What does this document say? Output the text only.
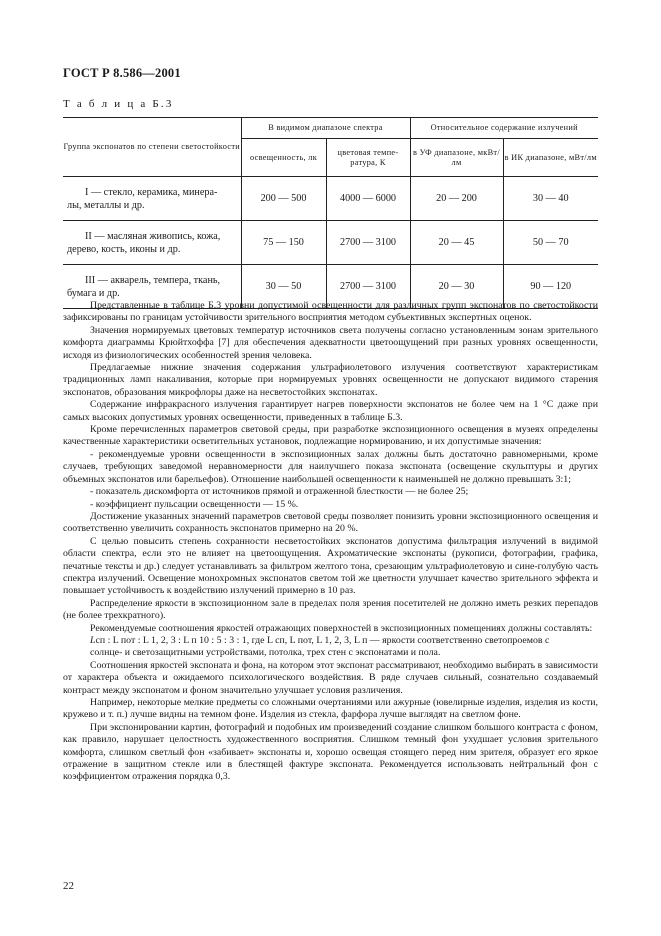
ГОСТ Р 8.586—2001
Т а б л и ц а Б.3
Группа экспонатов по степени светостойкости	В видимом диапазоне спектра		Относительное содержание излучений	
	освещенность, лк	цветовая темпе-ратура, К	в УФ диапазоне, мкВт/лм	в ИК диапазоне, мВт/лм

I — стекло, керамика, минера-
лы, металлы и др.	200 — 500	4000 — 6000	20 — 200	30 — 40

II — масляная живопись, кожа,
дерево, кость, иконы и др.	75 — 150	2700 — 3100	20 — 45	50 — 70

III — акварель, темпера, ткань,
бумага и др.	30 — 50	2700 — 3100	20 — 30	90 — 120

Представленные в таблице Б.3 уровни допустимой освещенности для различных групп экспонатов по светостойкости зафиксированы по границам устойчивости зрительного восприятия методом субъективных экспертных оценок.

Значения нормируемых цветовых температур источников света получены согласно установленным зонам зрительного комфорта диаграммы Крюйтхоффа [7] для обеспечения адекватности цветоощущений при разных уровнях освещенности, исходя из физиологических особенностей зрения человека.

Предлагаемые нижние значения содержания ультрафиолетового излучения соответствуют характеристикам традиционных ламп накаливания, которые при нормируемых уровнях освещенности не допускают видимого старения экспонатов, образования микрофлоры даже на несветостойких экспонатах.

Содержание инфракрасного излучения гарантирует нагрев поверхности экспонатов не более чем на 1 °С даже при самых высоких допустимых уровнях освещенности, приведенных в таблице Б.3.

Кроме перечисленных параметров световой среды, при разработке экспозиционного освещения в музеях определены качественные характеристики осветительных установок, подлежащие нормированию, и их допустимые значения:

- рекомендуемые уровни освещенности в экспозиционных залах должны быть достаточно равномерными, кроме случаев, требующих заведомой неравномерности для наилучшего показа экспоната (освещение скульптуры и других объемных экспонатов или барельефов). Отношение наибольшей освещенности к наименьшей не должно превышать 3:1;

- показатель дискомфорта от источников прямой и отраженной блесткости — не более 25;

- коэффициент пульсации освещенности — 15 %.

Достижение указанных значений параметров световой среды позволяет понизить уровни экспозиционного освещения и соответственно увеличить сохранность экспонатов примерно на 20 %.

С целью повысить степень сохранности несветостойких экспонатов допустима фильтрация излучений в видимой области спектра, если это не влияет на цветоощущения. Ахроматические экспонаты (рукописи, фотографии, графика, печатные тексты и др.) следует устанавливать за фильтром желтого тона, срезающим ультрафиолетовую и сине-голубую часть спектра излучений. Освещение монохромных экспонатов светом той же цветности улучшает качество зрительного эффекта и повышает устойчивость к воздействию излучений примерно в 10 раз.

Распределение яркости в экспозиционном зале в пределах поля зрения посетителей не должно иметь резких перепадов (не более трехкратного).

Рекомендуемые соотношения яркостей отражающих поверхностей в экспозиционных помещениях должны составлять:

Lсп : L пот : L 1, 2, 3 : L п 10 : 5 : 3 : 1, где L сп, L пот, L 1, 2, 3, L п — яркости соответственно светопроемов с

солнце- и светозащитными устройствами, потолка, трех стен с экспонатами и пола.

Соотношения яркостей экспоната и фона, на котором этот экспонат рассматривают, необходимо выбирать в зависимости от характера объекта и ожидаемого психологического воздействия. В ряде случаев сильный, сознательно создаваемый контраст между экспонатом и фоном значительно улучшает условия различения.

Например, некоторые мелкие предметы со сложными очертаниями или ажурные (ювелирные изделия, изделия из кости, кружево и т. п.) лучше видны на темном фоне. Изделия из стекла, фарфора лучше выглядят на светлом фоне.

При экспонировании картин, фотографий и подобных им произведений создание слишком большого контраста с фоном, как правило, нарушает целостность художественного восприятия. Слишком темный фон ухудшает условия зрительного комфорта, слишком светлый фон «забивает» экспонаты и, хорошо освещая стоящего перед ним зрителя, образует его яркое отражение в защитном стекле или в блестящей фактуре экспоната. Рекомендуется использовать нейтральный фон с коэффициентом отражения порядка 0,3.

22
